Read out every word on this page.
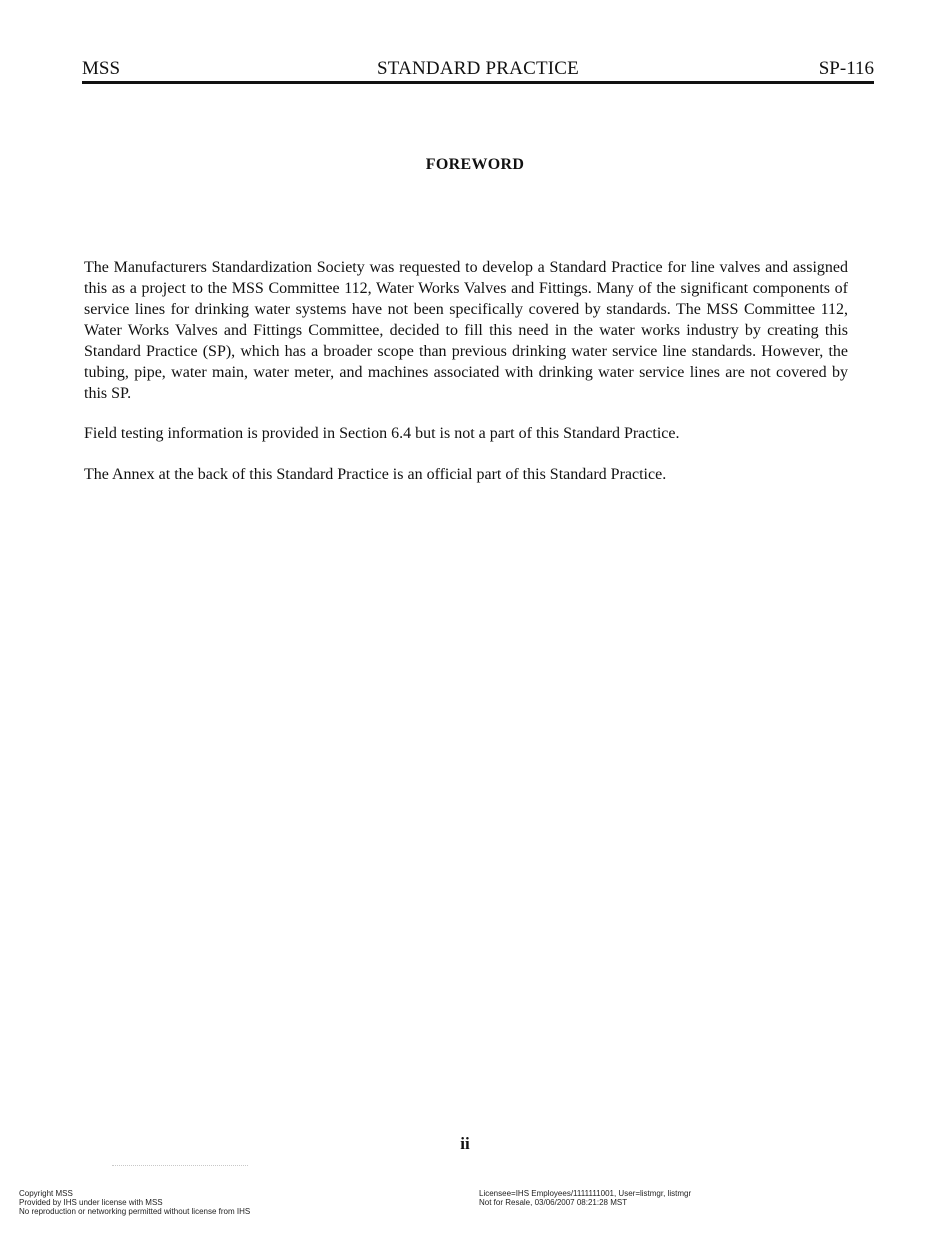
MSS	STANDARD PRACTICE	SP-116
FOREWORD

The Manufacturers Standardization Society was requested to develop a Standard Practice for line valves and assigned this as a project to the MSS Committee 112, Water Works Valves and Fittings. Many of the significant components of service lines for drinking water systems have not been specifically covered by standards. The MSS Committee 112, Water Works Valves and Fittings Committee, decided to fill this need in the water works industry by creating this Standard Practice (SP), which has a broader scope than previous drinking water service line standards. However, the tubing, pipe, water main, water meter, and machines associated with drinking water service lines are not covered by this SP.

Field testing information is provided in Section 6.4 but is not a part of this Standard Practice.

The Annex at the back of this Standard Practice is an official part of this Standard Practice.

ii
Copyright MSS
Provided by IHS under license with MSS
No reproduction or networking permitted without license from IHS
Licensee=IHS Employees/1111111001, User=listmgr, listmgr
Not for Resale, 03/06/2007 08:21:28 MST
